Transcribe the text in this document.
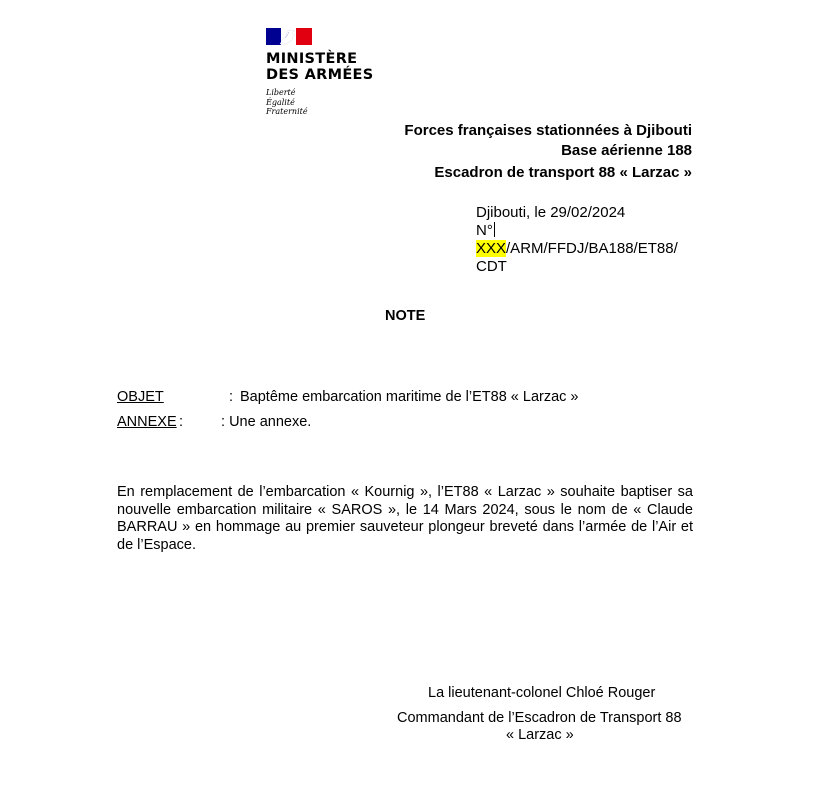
MINISTÈRE
DES ARMÉES
Liberté
Égalité
Fraternité
Forces françaises stationnées à Djibouti
Base aérienne 188
Escadron de transport 88 « Larzac »
Djibouti, le 29/02/2024
N°
XXX/ARM/FFDJ/BA188/ET88/
CDT
NOTE
OBJET	: Baptême embarcation maritime de l’ET88 « Larzac »
ANNEXE :	: Une annexe.
En remplacement de l’embarcation « Kournig », l’ET88 « Larzac » souhaite baptiser sa nouvelle embarcation militaire « SAROS », le 14 Mars 2024, sous le nom de « Claude BARRAU » en hommage au premier sauveteur plongeur breveté dans l’armée de l’Air et de l’Espace.
La lieutenant-colonel Chloé Rouger
Commandant de l’Escadron de Transport 88
« Larzac »
